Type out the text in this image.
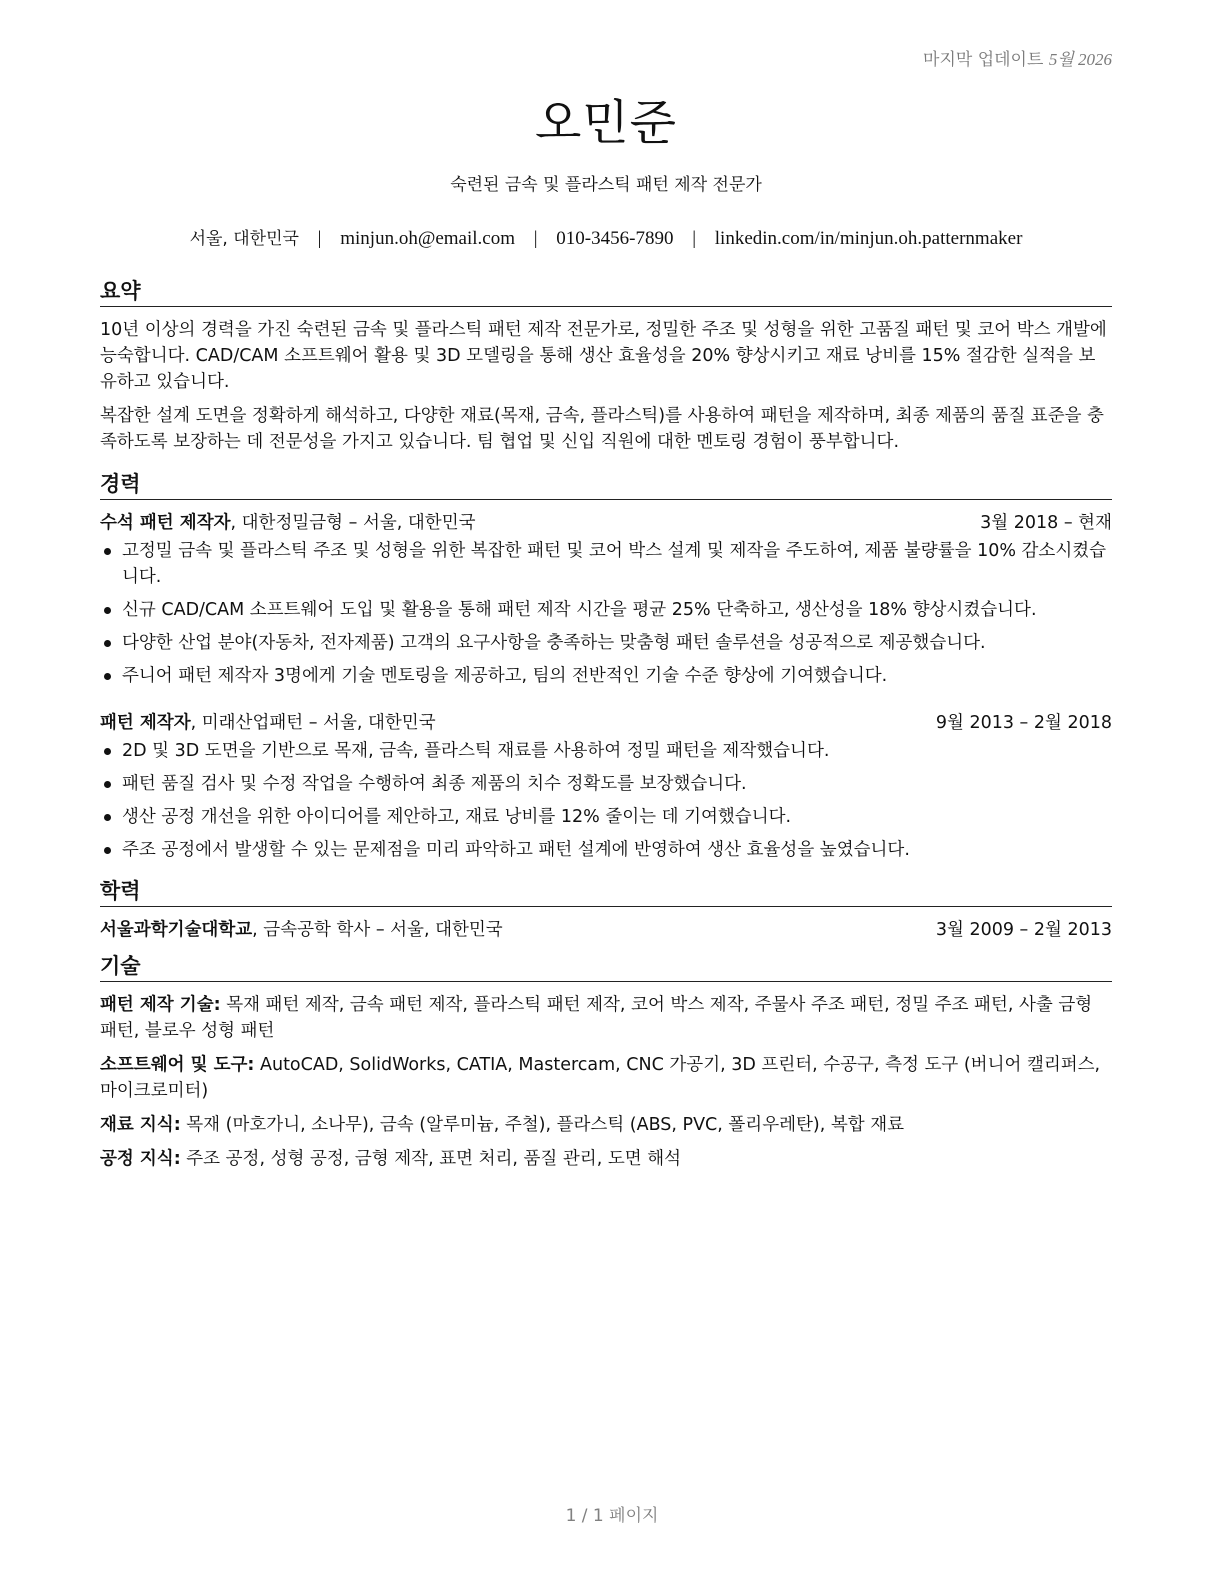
마지막 업데이트 5월 2026
오민준
숙련된 금속 및 플라스틱 패턴 제작 전문가
서울, 대한민국 | minjun.oh@email.com | 010-3456-7890 | linkedin.com/in/minjun.oh.patternmaker
요약

10년 이상의 경력을 가진 숙련된 금속 및 플라스틱 패턴 제작 전문가로, 정밀한 주조 및 성형을 위한 고품질 패턴 및 코어 박스 개발에 능숙합니다. CAD/CAM 소프트웨어 활용 및 3D 모델링을 통해 생산 효율성을 20% 향상시키고 재료 낭비를 15% 절감한 실적을 보유하고 있습니다.

복잡한 설계 도면을 정확하게 해석하고, 다양한 재료(목재, 금속, 플라스틱)를 사용하여 패턴을 제작하며, 최종 제품의 품질 표준을 충족하도록 보장하는 데 전문성을 가지고 있습니다. 팀 협업 및 신입 직원에 대한 멘토링 경험이 풍부합니다.

경력
수석 패턴 제작자, 대한정밀금형 – 서울, 대한민국	3월 2018 – 현재
고정밀 금속 및 플라스틱 주조 및 성형을 위한 복잡한 패턴 및 코어 박스 설계 및 제작을 주도하여, 제품 불량률을 10% 감소시켰습니다.
신규 CAD/CAM 소프트웨어 도입 및 활용을 통해 패턴 제작 시간을 평균 25% 단축하고, 생산성을 18% 향상시켰습니다.
다양한 산업 분야(자동차, 전자제품) 고객의 요구사항을 충족하는 맞춤형 패턴 솔루션을 성공적으로 제공했습니다.
주니어 패턴 제작자 3명에게 기술 멘토링을 제공하고, 팀의 전반적인 기술 수준 향상에 기여했습니다.
패턴 제작자, 미래산업패턴 – 서울, 대한민국	9월 2013 – 2월 2018
2D 및 3D 도면을 기반으로 목재, 금속, 플라스틱 재료를 사용하여 정밀 패턴을 제작했습니다.
패턴 품질 검사 및 수정 작업을 수행하여 최종 제품의 치수 정확도를 보장했습니다.
생산 공정 개선을 위한 아이디어를 제안하고, 재료 낭비를 12% 줄이는 데 기여했습니다.
주조 공정에서 발생할 수 있는 문제점을 미리 파악하고 패턴 설계에 반영하여 생산 효율성을 높였습니다.
학력
서울과학기술대학교, 금속공학 학사 – 서울, 대한민국	3월 2009 – 2월 2013
기술

패턴 제작 기술: 목재 패턴 제작, 금속 패턴 제작, 플라스틱 패턴 제작, 코어 박스 제작, 주물사 주조 패턴, 정밀 주조 패턴, 사출 금형 패턴, 블로우 성형 패턴

소프트웨어 및 도구: AutoCAD, SolidWorks, CATIA, Mastercam, CNC 가공기, 3D 프린터, 수공구, 측정 도구 (버니어 캘리퍼스, 마이크로미터)

재료 지식: 목재 (마호가니, 소나무), 금속 (알루미늄, 주철), 플라스틱 (ABS, PVC, 폴리우레탄), 복합 재료

공정 지식: 주조 공정, 성형 공정, 금형 제작, 표면 처리, 품질 관리, 도면 해석

1 / 1 페이지
